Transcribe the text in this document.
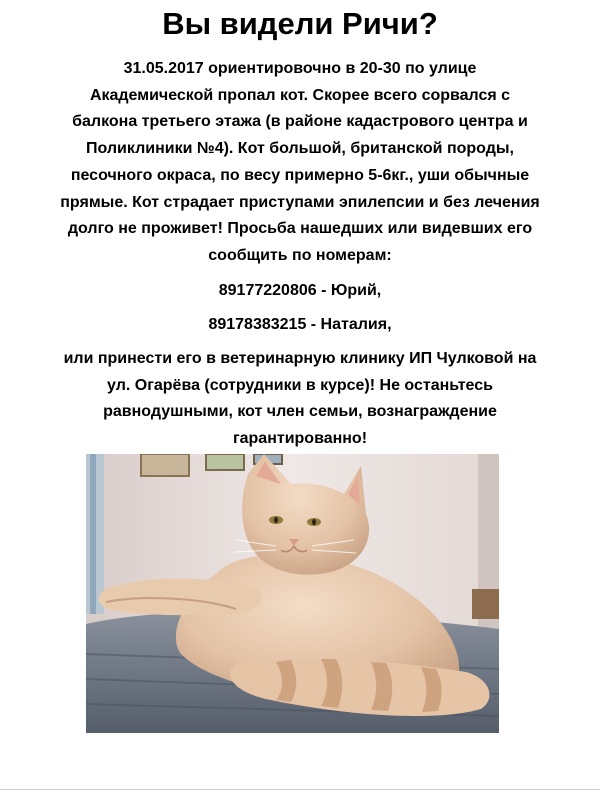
Вы видели Ричи?

31.05.2017 ориентировочно в 20-30 по улице
Академической пропал кот. Скорее всего сорвался с
балкона третьего этажа (в районе кадастрового центра и
Поликлиники №4). Кот большой, британской породы,
песочного окраса, по весу примерно 5-6кг., уши обычные
прямые. Кот страдает приступами эпилепсии и без лечения
долго не проживет! Просьба нашедших или видевших его
сообщить по номерам:

89177220806 - Юрий,

89178383215 - Наталия,

или принести его в ветеринарную клинику ИП Чулковой на
ул. Огарёва (сотрудники в курсе)! Не останьтесь
равнодушными, кот член семьи, вознаграждение
гарантированно!
